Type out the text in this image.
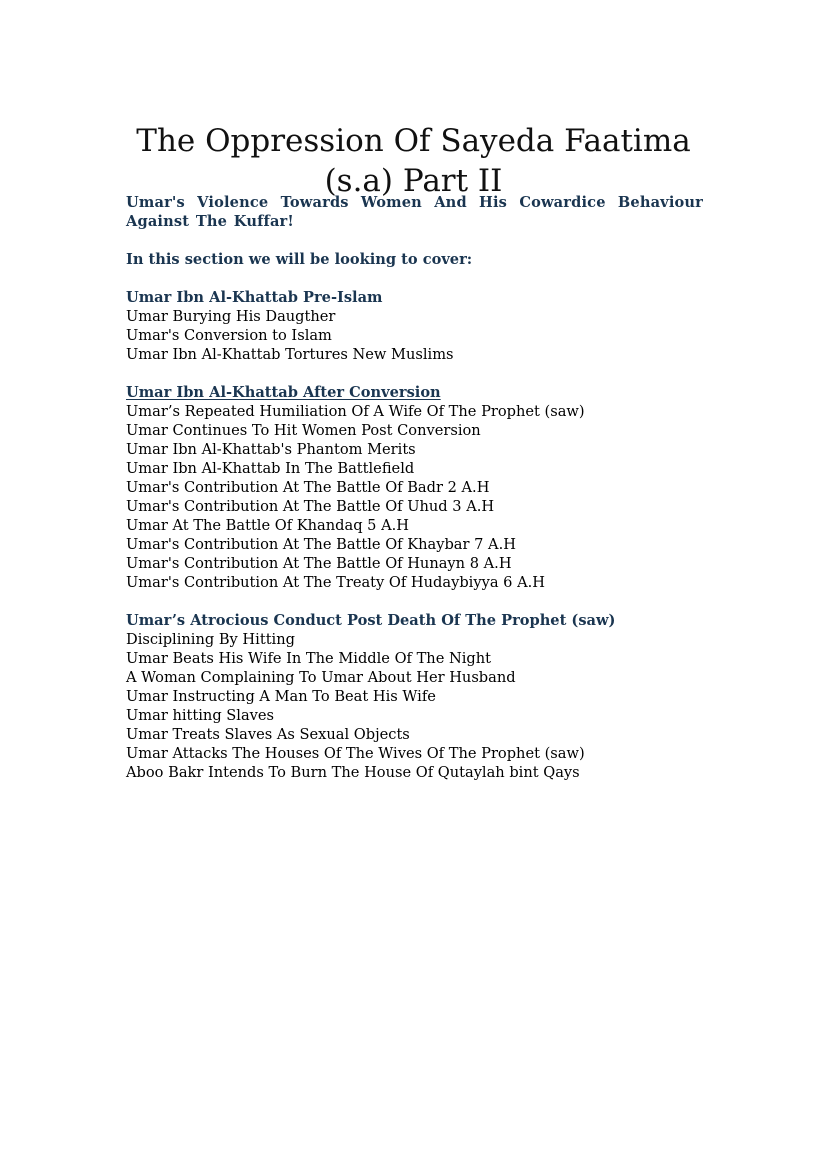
The Oppression Of Sayeda Faatima
(s.a) Part II

Umar's Violence Towards Women And His Cowardice Behaviour Against The Kuffar!

In this section we will be looking to cover:

Umar Ibn Al-Khattab Pre-Islam

Umar Burying His Daugther

Umar's Conversion to Islam

Umar Ibn Al-Khattab Tortures New Muslims

Umar Ibn Al-Khattab After Conversion

Umar’s Repeated Humiliation Of A Wife Of The Prophet (saw)

Umar Continues To Hit Women Post Conversion

Umar Ibn Al-Khattab's Phantom Merits

Umar Ibn Al-Khattab In The Battlefield

Umar's Contribution At The Battle Of Badr 2 A.H

Umar's Contribution At The Battle Of Uhud 3 A.H

Umar At The Battle Of Khandaq 5 A.H

Umar's Contribution At The Battle Of Khaybar 7 A.H

Umar's Contribution At The Battle Of Hunayn 8 A.H

Umar's Contribution At The Treaty Of Hudaybiyya 6 A.H

Umar’s Atrocious Conduct Post Death Of The Prophet (saw)

Disciplining By Hitting

Umar Beats His Wife In The Middle Of The Night

A Woman Complaining To Umar About Her Husband

Umar Instructing A Man To Beat His Wife

Umar hitting Slaves

Umar Treats Slaves As Sexual Objects

Umar Attacks The Houses Of The Wives Of The Prophet (saw)

Aboo Bakr Intends To Burn The House Of Qutaylah bint Qays
